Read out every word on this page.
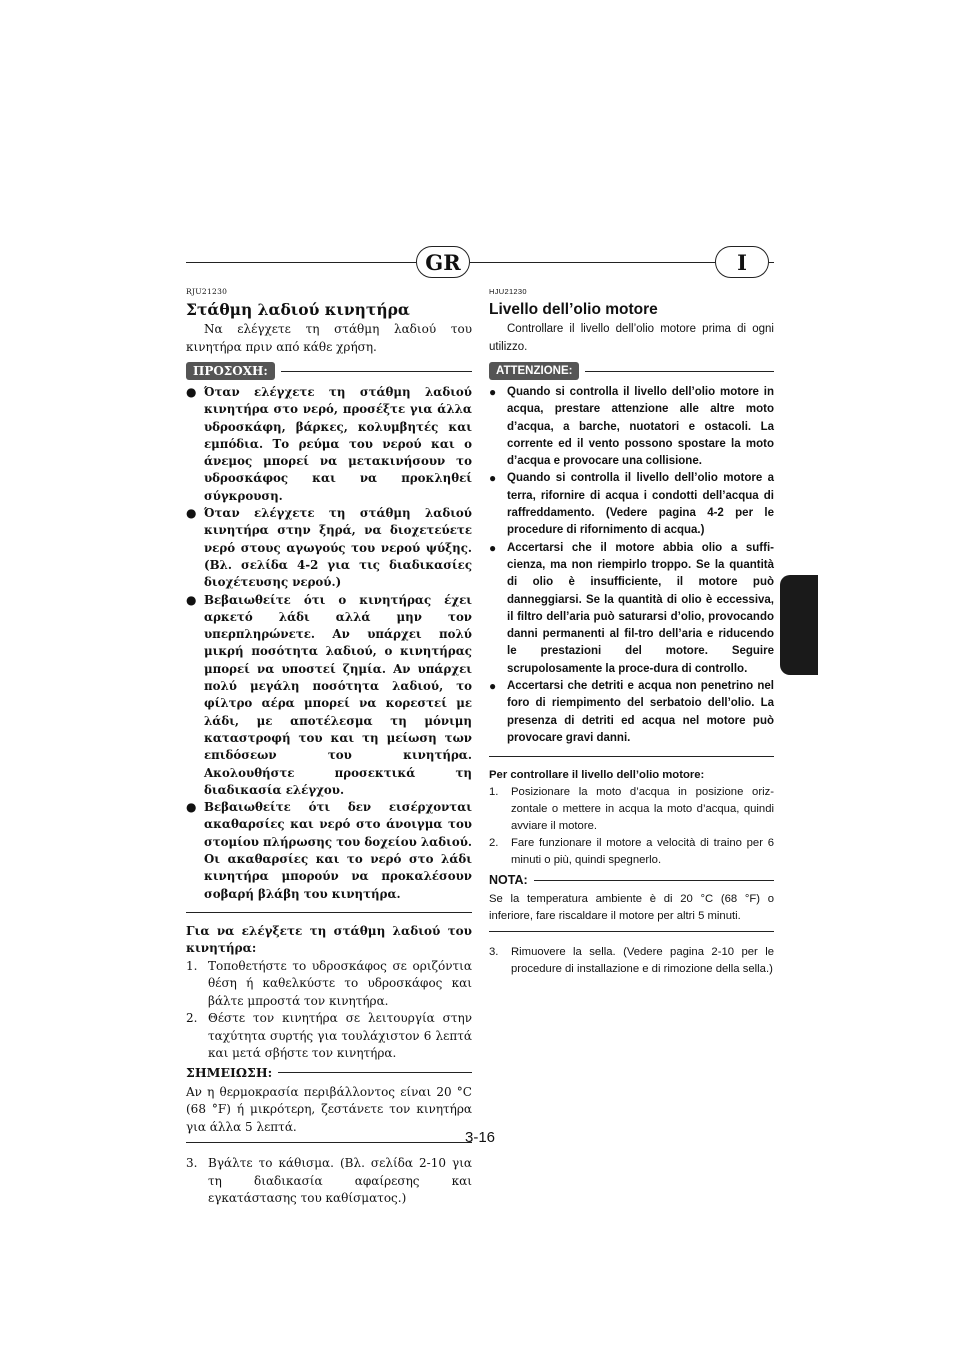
GR	I
RJU21230
Στάθμη λαδιού κινητήρα

Να ελέγχετε τη στάθμη λαδιού του κινητήρα πριν από κάθε χρήση.

ΠΡΟΣΟΧΗ:
● Όταν ελέγχετε τη στάθμη λαδιού κινητήρα στο νερό, προσέξτε για άλλα υδροσκάφη, βάρκες, κολυμβητές και εμπόδια. Το ρεύμα του νερού και ο άνεμος μπορεί να μετακινήσουν το υδροσκάφος και να προκληθεί σύγκρουση.
● Όταν ελέγχετε τη στάθμη λαδιού κινητήρα στην ξηρά, να διοχετεύετε νερό στους αγωγούς του νερού ψύξης. (Βλ. σελίδα 4-2 για τις διαδικασίες διοχέτευσης νερού.)
● Βεβαιωθείτε ότι ο κινητήρας έχει αρκετό λάδι αλλά μην τον υπερπληρώνετε. Αν υπάρχει πολύ μικρή ποσότητα λαδιού, ο κινητήρας μπορεί να υποστεί ζημία. Αν υπάρχει πολύ μεγάλη ποσότητα λαδιού, το φίλτρο αέρα μπορεί να κορεστεί με λάδι, με αποτέλεσμα τη μόνιμη καταστροφή του και τη μείωση των επιδόσεων του κινητήρα. Ακολουθήστε προσεκτικά τη διαδικασία ελέγχου.
● Βεβαιωθείτε ότι δεν εισέρχονται ακαθαρσίες και νερό στο άνοιγμα του στομίου πλήρωσης του δοχείου λαδιού. Οι ακαθαρσίες και το νερό στο λάδι κινητήρα μπορούν να προκαλέσουν σοβαρή βλάβη του κινητήρα.
Για να ελέγξετε τη στάθμη λαδιού του κινητήρα:
1. Τοποθετήστε το υδροσκάφος σε οριζόντια θέση ή καθελκύστε το υδροσκάφος και βάλτε μπροστά τον κινητήρα.
2. Θέστε τον κινητήρα σε λειτουργία στην ταχύτητα συρτής για τουλάχιστον 6 λεπτά και μετά σβήστε τον κινητήρα.
ΣΗΜΕΙΩΣΗ:
Αν η θερμοκρασία περιβάλλοντος είναι 20 °C (68 °F) ή μικρότερη, ζεστάνετε τον κινητήρα για άλλα 5 λεπτά.
3. Βγάλτε το κάθισμα. (Βλ. σελίδα 2-10 για τη διαδικασία αφαίρεσης και εγκατάστασης του καθίσματος.)
HJU21230
Livello dell’olio motore

Controllare il livello dell’olio motore prima di ogni utilizzo.

ATTENZIONE:
● Quando si controlla il livello dell’olio motore in acqua, prestare attenzione alle altre moto d’acqua, a barche, nuotatori e ostacoli. La corrente ed il vento possono spostare la moto d’acqua e provocare una collisione.
● Quando si controlla il livello dell’olio motore a terra, rifornire di acqua i condotti dell’acqua di raffreddamento. (Vedere pagina 4-2 per le procedure di rifornimento di acqua.)
● Accertarsi che il motore abbia olio a suffi-cienza, ma non riempirlo troppo. Se la quantità di olio è insufficiente, il motore può danneggiarsi. Se la quantità di olio è eccessiva, il filtro dell’aria può saturarsi d’olio, provocando danni permanenti al fil-tro dell’aria e riducendo le prestazioni del motore. Seguire scrupolosamente la proce-dura di controllo.
● Accertarsi che detriti e acqua non penetrino nel foro di riempimento del serbatoio dell’olio. La presenza di detriti ed acqua nel motore può provocare gravi danni.
Per controllare il livello dell’olio motore:
1. Posizionare la moto d’acqua in posizione oriz-zontale o mettere in acqua la moto d’acqua, quindi avviare il motore.
2. Fare funzionare il motore a velocità di traino per 6 minuti o più, quindi spegnerlo.
NOTA:
Se la temperatura ambiente è di 20 °C (68 °F) o inferiore, fare riscaldare il motore per altri 5 minuti.
3. Rimuovere la sella. (Vedere pagina 2-10 per le procedure di installazione e di rimozione della sella.)
3-16
